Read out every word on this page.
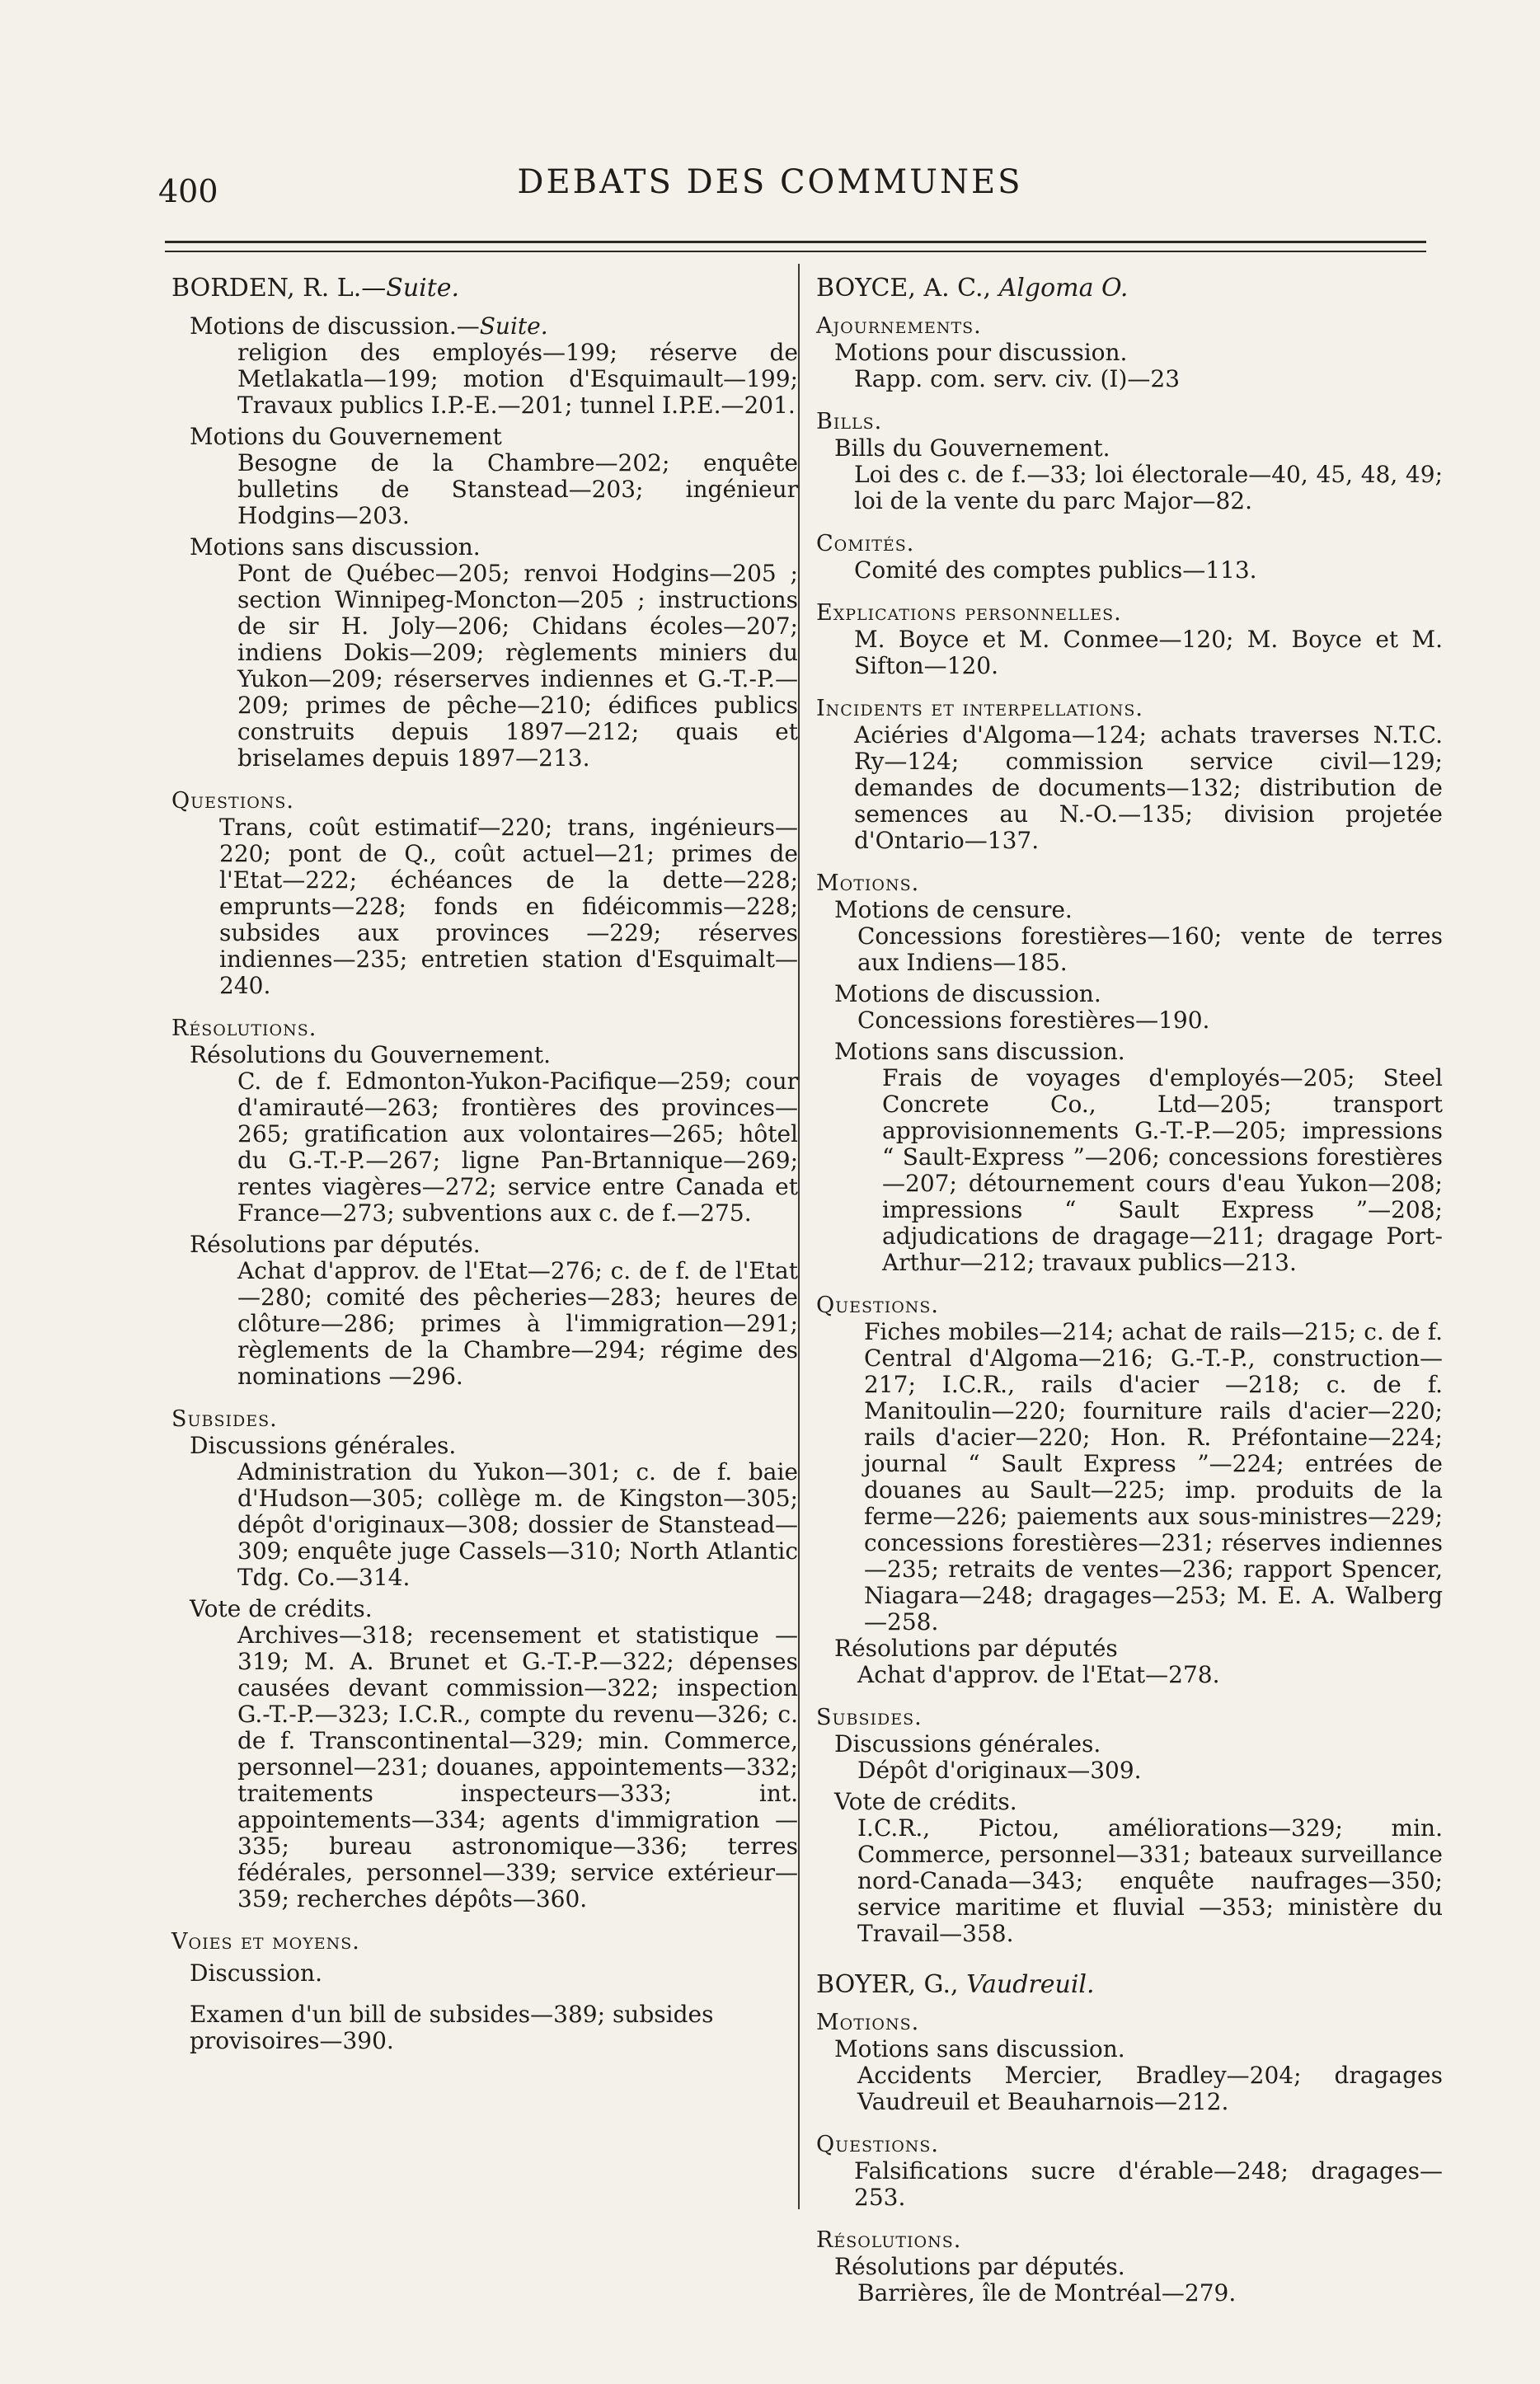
400	DEBATS DES COMMUNES
BORDEN, R. L.—Suite.
Motions de discussion.—Suite.
religion des employés—199; réserve de Metlakatla—199; motion d'Esquimault—199; Travaux publics I.P.-E.—201; tunnel I.P.E.—201.
Motions du Gouvernement
Besogne de la Chambre—202; enquête bulletins de Stanstead—203; ingénieur Hodgins—203.
Motions sans discussion.
Pont de Québec—205; renvoi Hodgins—205 ; section Winnipeg-Moncton—205 ; instructions de sir H. Joly—206; Chidans écoles—207; indiens Dokis—209; règlements miniers du Yukon—209; réserserves indiennes et G.-T.-P.—209; primes de pêche—210; édifices publics construits depuis 1897—212; quais et briselames depuis 1897—213.
Questions.
Trans, coût estimatif—220; trans, ingénieurs—220; pont de Q., coût actuel—21; primes de l'Etat—222; échéances de la dette—228; emprunts—228; fonds en fidéicommis—228; subsides aux provinces —229; réserves indiennes—235; entretien station d'Esquimalt—240.
Résolutions.
Résolutions du Gouvernement.
C. de f. Edmonton-Yukon-Pacifique—259; cour d'amirauté—263; frontières des provinces—265; gratification aux volontaires—265; hôtel du G.-T.-P.—267; ligne Pan-Brtannique—269; rentes viagères—272; service entre Canada et France—273; subventions aux c. de f.—275.
Résolutions par députés.
Achat d'approv. de l'Etat—276; c. de f. de l'Etat—280; comité des pêcheries—283; heures de clôture—286; primes à l'immigration—291; règlements de la Chambre—294; régime des nominations —296.
Subsides.
Discussions générales.
Administration du Yukon—301; c. de f. baie d'Hudson—305; collège m. de Kingston—305; dépôt d'originaux—308; dossier de Stanstead—309; enquête juge Cassels—310; North Atlantic Tdg. Co.—314.
Vote de crédits.
Archives—318; recensement et statistique —319; M. A. Brunet et G.-T.-P.—322; dépenses causées devant commission—322; inspection G.-T.-P.—323; I.C.R., compte du revenu—326; c. de f. Transcontinental—329; min. Commerce, personnel—231; douanes, appointements—332; traitements inspecteurs—333; int. appointements—334; agents d'immigration —335; bureau astronomique—336; terres fédérales, personnel—339; service extérieur—359; recherches dépôts—360.
Voies et moyens.
Discussion.
Examen d'un bill de subsides—389; subsides provisoires—390.
BOYCE, A. C., Algoma O.
Ajournements.
Motions pour discussion.
Rapp. com. serv. civ. (I)—23
Bills.
Bills du Gouvernement.
Loi des c. de f.—33; loi électorale—40, 45, 48, 49; loi de la vente du parc Major—82.
Comités.
Comité des comptes publics—113.
Explications personnelles.
M. Boyce et M. Conmee—120; M. Boyce et M. Sifton—120.
Incidents et interpellations.
Aciéries d'Algoma—124; achats traverses N.T.C. Ry—124; commission service civil—129; demandes de documents—132; distribution de semences au N.-O.—135; division projetée d'Ontario—137.
Motions.
Motions de censure.
Concessions forestières—160; vente de terres aux Indiens—185.
Motions de discussion.
Concessions forestières—190.
Motions sans discussion.
Frais de voyages d'employés—205; Steel Concrete Co., Ltd—205; transport approvisionnements G.-T.-P.—205; impressions “ Sault-Express ”—206; concessions forestières—207; détournement cours d'eau Yukon—208; impressions “ Sault Express ”—208; adjudications de dragage—211; dragage Port-Arthur—212; travaux publics—213.
Questions.
Fiches mobiles—214; achat de rails—215; c. de f. Central d'Algoma—216; G.-T.-P., construction—217; I.C.R., rails d'acier —218; c. de f. Manitoulin—220; fourniture rails d'acier—220; rails d'acier—220; Hon. R. Préfontaine—224; journal “ Sault Express ”—224; entrées de douanes au Sault—225; imp. produits de la ferme—226; paiements aux sous-ministres—229; concessions forestières—231; réserves indiennes—235; retraits de ventes—236; rapport Spencer, Niagara—248; dragages—253; M. E. A. Walberg—258.
Résolutions par députés
Achat d'approv. de l'Etat—278.
Subsides.
Discussions générales.
Dépôt d'originaux—309.
Vote de crédits.
I.C.R., Pictou, améliorations—329; min. Commerce, personnel—331; bateaux surveillance nord-Canada—343; enquête naufrages—350; service maritime et fluvial —353; ministère du Travail—358.
BOYER, G., Vaudreuil.
Motions.
Motions sans discussion.
Accidents Mercier, Bradley—204; dragages Vaudreuil et Beauharnois—212.
Questions.
Falsifications sucre d'érable—248; dragages—253.
Résolutions.
Résolutions par députés.
Barrières, île de Montréal—279.
